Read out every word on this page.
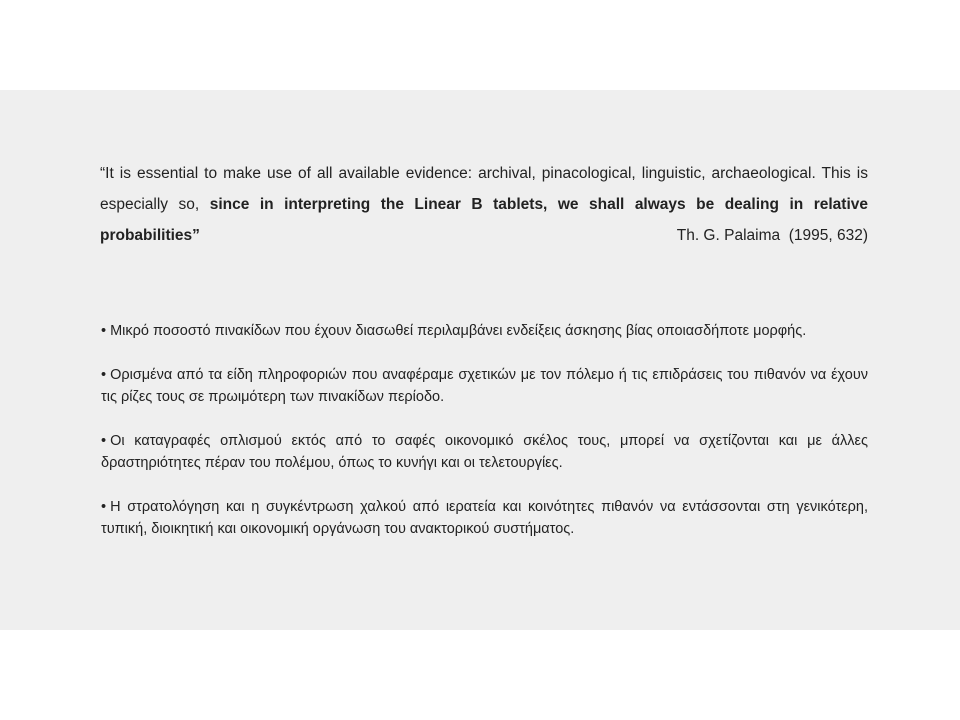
“It is essential to make use of all available evidence: archival, pinacological, linguistic, archaeological. This is especially so, since in interpreting the Linear B tablets, we shall always be dealing in relative probabilities”	Th. G. Palaima  (1995, 632)

• Μικρό ποσοστό πινακίδων που έχουν διασωθεί περιλαμβάνει ενδείξεις άσκησης βίας οποιασδήποτε μορφής.

• Ορισμένα από τα είδη πληροφοριών που αναφέραμε σχετικών με τον πόλεμο ή τις επιδράσεις του πιθανόν να έχουν τις ρίζες τους σε πρωιμότερη των πινακίδων περίοδο.

• Οι καταγραφές οπλισμού εκτός από το σαφές οικονομικό σκέλος τους, μπορεί να σχετίζονται και με άλλες δραστηριότητες πέραν του πολέμου, όπως το κυνήγι και οι τελετουργίες.

• Η στρατολόγηση και η συγκέντρωση χαλκού από ιερατεία και κοινότητες πιθανόν να εντάσσονται στη γενικότερη, τυπική, διοικητική και οικονομική οργάνωση του ανακτορικού συστήματος.
